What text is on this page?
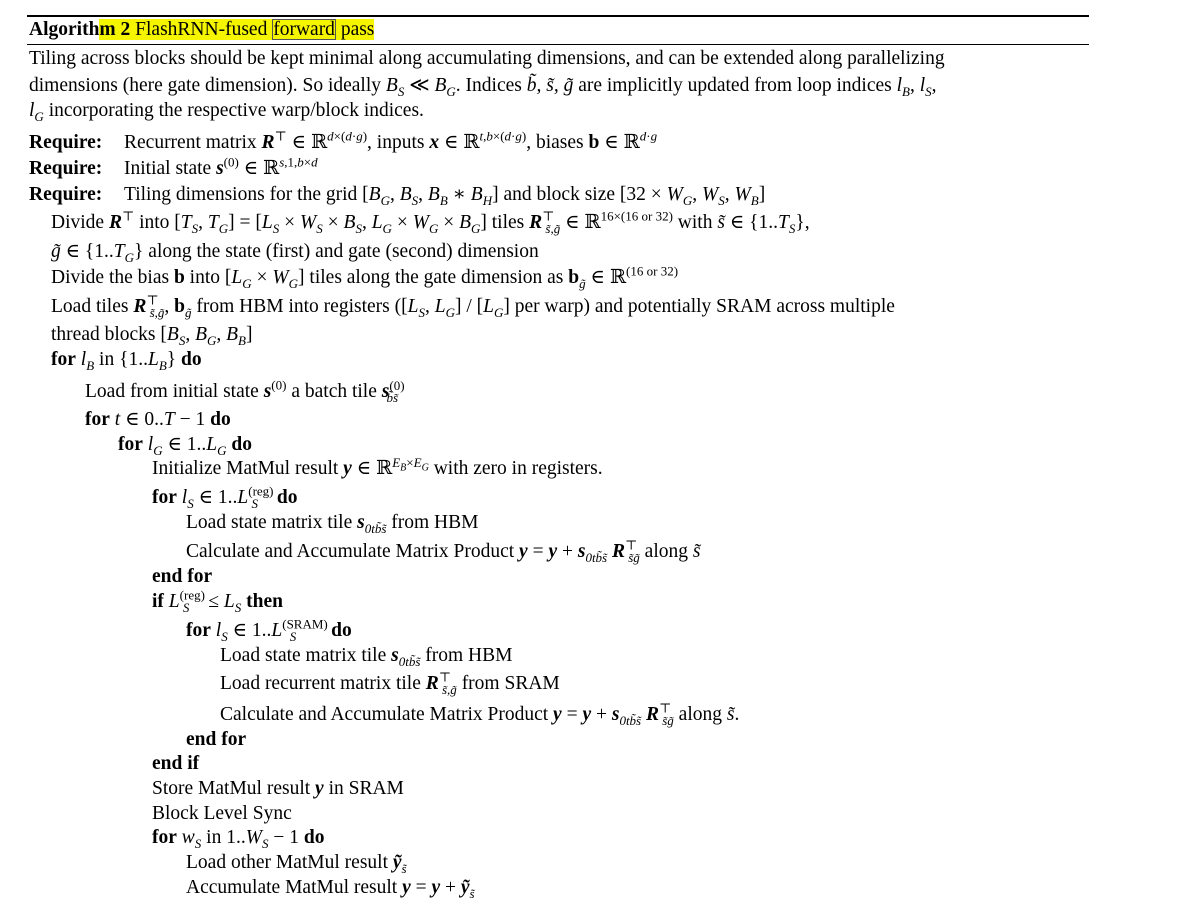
Algorithm 2 FlashRNN-fused forward pass
Tiling across blocks should be kept minimal along accumulating dimensions, and can be extended along parallelizing
dimensions (here gate dimension). So ideally $B_S$ ≪ $B_G$. Indices b̃, s̃, g̃ are implicitly updated from loop indices $l_B$, $l_S$,
$l_G$ incorporating the respective warp/block indices.
Require: Recurrent matrix R⊤ ∈ ℝ$^{d\times(d\cdot g)}$, inputs x ∈ ℝ$^{t,b\times(d\cdot g)}$, biases b ∈ ℝ$^{d\cdot g}$
Require: Initial state $s^{(0)}$ ∈ ℝ$^{s,1,b\times d}$
Require: Tiling dimensions for the grid [$B_G$, $B_S$, $B_B$ ∗ $B_H$] and block size [$32 \times W_G$, $W_S$, $W_B$]
Divide R⊤ into [$T_S$, $T_G] = [L_S \times W_S \times B_S$, $L_G \times W_G \times B_G$] tiles $R^⊤_{s̃,g̃}$ ∈ ℝ$^{16\times(16 or 32)}$ with s̃ ∈ $\{1..T_S\}$,
g̃ ∈ $\{1..T_G\}$ along the state (first) and gate (second) dimension
Divide the bias b into $[L_G \times W_G]$ tiles along the gate dimension as $b_{g̃}$ ∈ ℝ$^{(16 or 32)}$
Load tiles $R^⊤_{s̃,g̃}$, $b_{g̃}$ from HBM into registers ([$L_S$, $L_G] / [L_G]$ per warp) and potentially SRAM across multiple
thread blocks [$B_S$, $B_G$, $B_B$]
for $l_B$ in $\{1..L_B\}$ do
Load from initial state $s^{(0)}$ a batch tile $s^{(0)}_{b̃s̃}$
for t ∈ 0..T − 1 do
for $l_G$ ∈ $1..L_G$ do
Initialize MatMul result y ∈ ℝ$^{E_B\times E_G}$ with zero in registers.
for $l_S$ ∈ $1..L^{(reg)}_S$ do
Load state matrix tile $s_{0tb̃s̃}$ from HBM
Calculate and Accumulate Matrix Product $y = y + s_{0tb̃s̃}$ $R^⊤_{s̃g̃}$ along s̃
end for
if $L^{(reg)}_S \le L_S$ then
for $l_S$ ∈ $1..L^{(SRAM)}_S$ do
Load state matrix tile $s_{0tb̃s̃}$ from HBM
Load recurrent matrix tile $R^⊤_{s̃,g̃}$ from SRAM
Calculate and Accumulate Matrix Product $y = y + s_{0tb̃s̃}$ $R^⊤_{s̃g̃}$ along s̃.
end for
end if
Store MatMul result y in SRAM
Block Level Sync
for $w_S$ in $1..W_S - 1$ do
Load other MatMul result ỹ$_{s̃}$
Accumulate MatMul result y = y + ỹ$_{s̃}$
